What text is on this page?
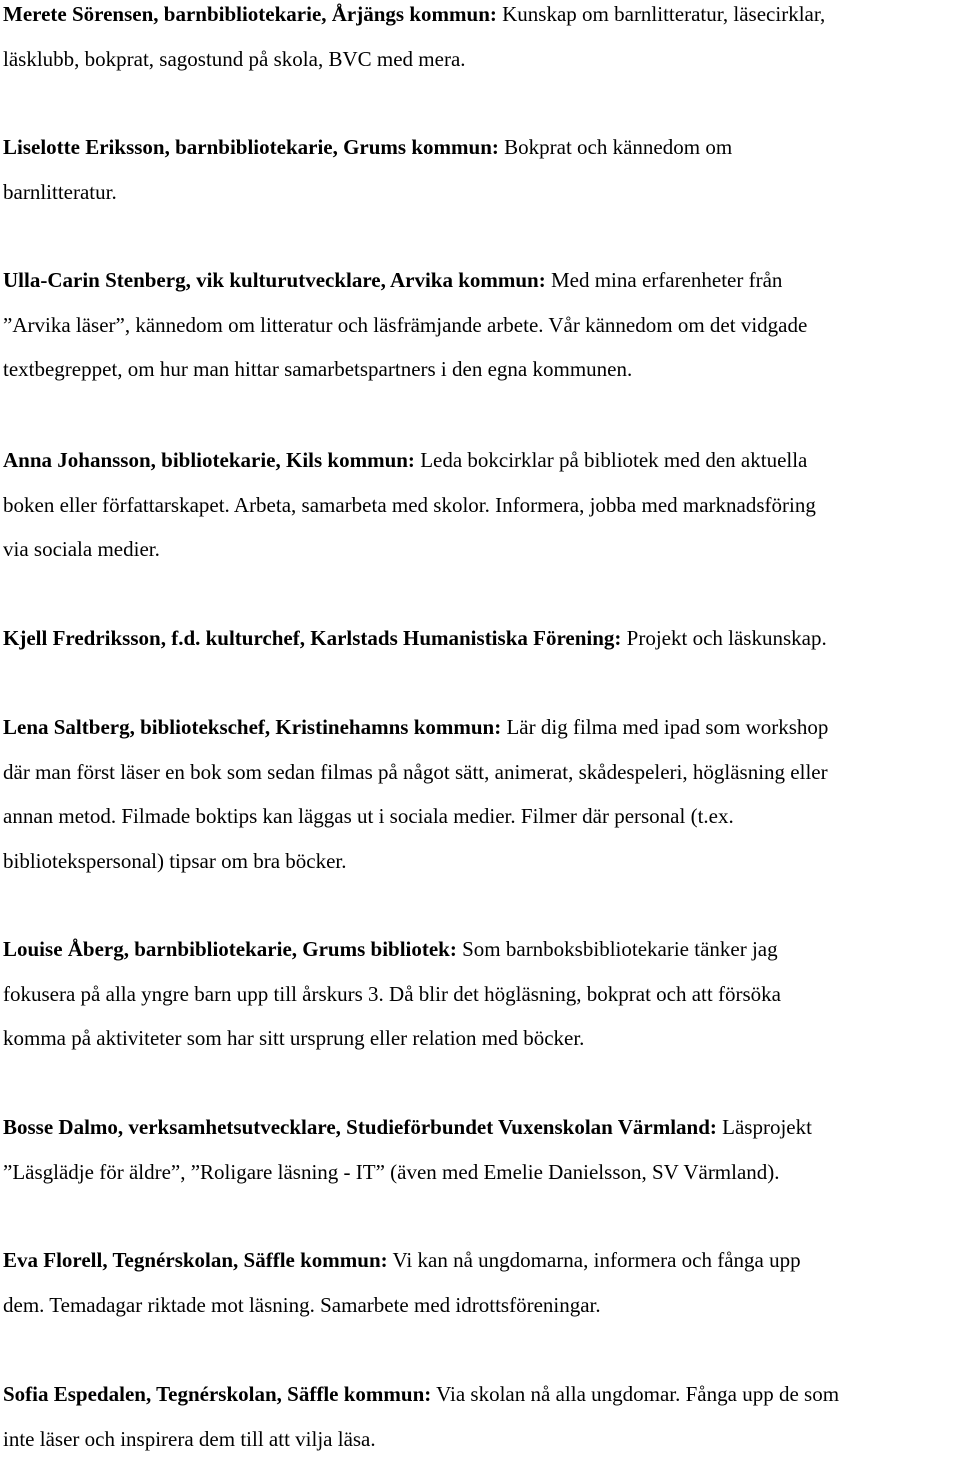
Merete Sörensen, barnbibliotekarie, Årjängs kommun: Kunskap om barnlitteratur, läsecirklar,
läsklubb, bokprat, sagostund på skola, BVC med mera.

Liselotte Eriksson, barnbibliotekarie, Grums kommun: Bokprat och kännedom om
barnlitteratur.

Ulla-Carin Stenberg, vik kulturutvecklare, Arvika kommun: Med mina erfarenheter från
”Arvika läser”, kännedom om litteratur och läsfrämjande arbete. Vår kännedom om det vidgade
textbegreppet, om hur man hittar samarbetspartners i den egna kommunen.

Anna Johansson, bibliotekarie, Kils kommun: Leda bokcirklar på bibliotek med den aktuella
boken eller författarskapet. Arbeta, samarbeta med skolor. Informera, jobba med marknadsföring
via sociala medier.

Kjell Fredriksson, f.d. kulturchef, Karlstads Humanistiska Förening: Projekt och läskunskap.

Lena Saltberg, bibliotekschef, Kristinehamns kommun: Lär dig filma med ipad som workshop
där man först läser en bok som sedan filmas på något sätt, animerat, skådespeleri, högläsning eller
annan metod. Filmade boktips kan läggas ut i sociala medier. Filmer där personal (t.ex.
bibliotekspersonal) tipsar om bra böcker.

Louise Åberg, barnbibliotekarie, Grums bibliotek: Som barnboksbibliotekarie tänker jag
fokusera på alla yngre barn upp till årskurs 3. Då blir det högläsning, bokprat och att försöka
komma på aktiviteter som har sitt ursprung eller relation med böcker.

Bosse Dalmo, verksamhetsutvecklare, Studieförbundet Vuxenskolan Värmland: Läsprojekt
”Läsglädje för äldre”, ”Roligare läsning - IT” (även med Emelie Danielsson, SV Värmland).

Eva Florell, Tegnérskolan, Säffle kommun: Vi kan nå ungdomarna, informera och fånga upp
dem. Temadagar riktade mot läsning. Samarbete med idrottsföreningar.

Sofia Espedalen, Tegnérskolan, Säffle kommun: Via skolan nå alla ungdomar. Fånga upp de som
inte läser och inspirera dem till att vilja läsa.
